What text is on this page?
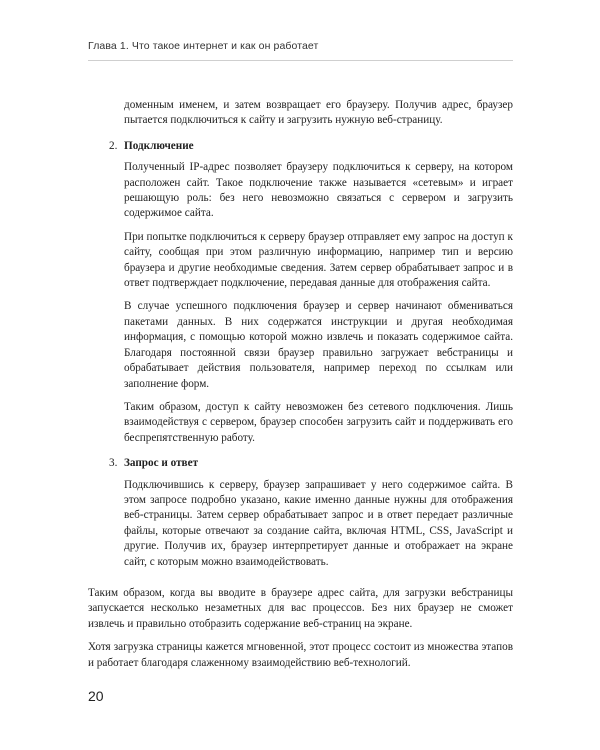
Глава 1. Что такое интернет и как он работает

доменным именем, и затем возвращает его браузеру. Получив адрес, браузер пытается подключиться к сайту и загрузить нужную веб-страницу.

2. Подключение

Полученный IP-адрес позволяет браузеру подключиться к серверу, на котором расположен сайт. Такое подключение также называется «сетевым» и играет решающую роль: без него невозможно связаться с сервером и загрузить содержимое сайта.

При попытке подключиться к серверу браузер отправляет ему запрос на доступ к сайту, сообщая при этом различную информацию, например тип и версию браузера и другие необходимые сведения. Затем сервер обрабатывает запрос и в ответ подтверждает подключение, передавая данные для отображения сайта.

В случае успешного подключения браузер и сервер начинают обмениваться пакетами данных. В них содержатся инструкции и другая необходимая информация, с помощью которой можно извлечь и показать содержимое сайта. Благодаря постоянной связи браузер правильно загружает вебстраницы и обрабатывает действия пользователя, например переход по ссылкам или заполнение форм.

Таким образом, доступ к сайту невозможен без сетевого подключения. Лишь взаимодействуя с сервером, браузер способен загрузить сайт и поддерживать его беспрепятственную работу.

3. Запрос и ответ

Подключившись к серверу, браузер запрашивает у него содержимое сайта. В этом запросе подробно указано, какие именно данные нужны для отображения веб-страницы. Затем сервер обрабатывает запрос и в ответ передает различные файлы, которые отвечают за создание сайта, включая HTML, CSS, JavaScript и другие. Получив их, браузер интерпретирует данные и отображает на экране сайт, с которым можно взаимодействовать.

Таким образом, когда вы вводите в браузере адрес сайта, для загрузки вебстраницы запускается несколько незаметных для вас процессов. Без них браузер не сможет извлечь и правильно отобразить содержание веб-страниц на экране.

Хотя загрузка страницы кажется мгновенной, этот процесс состоит из множества этапов и работает благодаря слаженному взаимодействию веб-технологий.

20
